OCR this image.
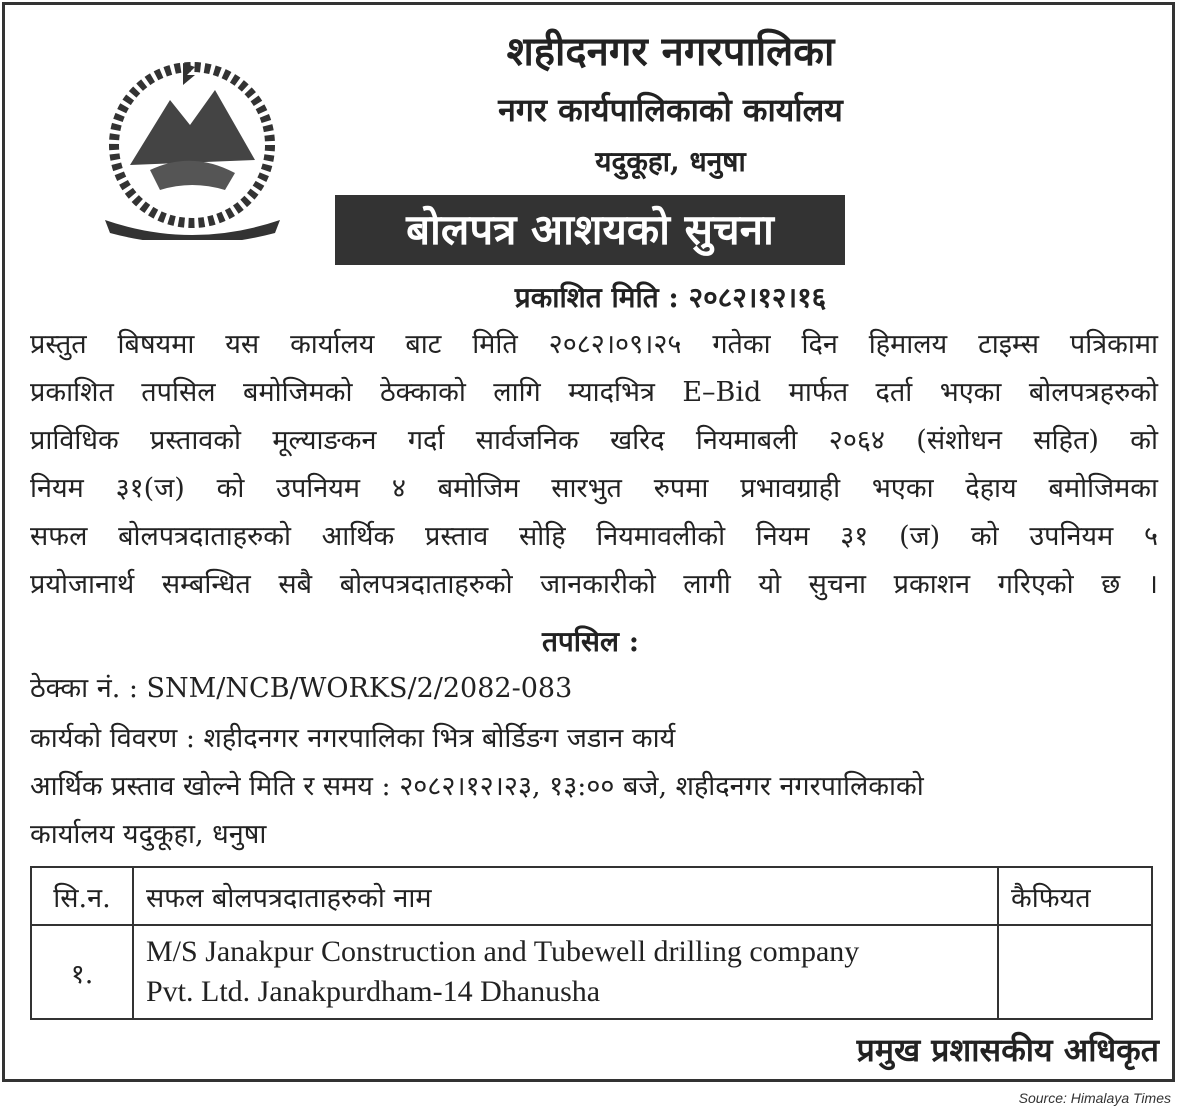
शहीदनगर नगरपालिका
नगर कार्यपालिकाको कार्यालय
यदुकूहा, धनुषा
बोलपत्र आशयको सुचना
प्रकाशित मिति : २०८२।१२।१६
प्रस्तुत बिषयमा यस कार्यालय बाट मिति २०८२।०९।२५ गतेका दिन हिमालय टाइम्स पत्रिकामा
प्रकाशित तपसिल बमोजिमको ठेक्काको लागि म्यादभित्र E–Bid मार्फत दर्ता भएका बोलपत्रहरुको
प्राविधिक प्रस्तावको मूल्याङकन गर्दा सार्वजनिक खरिद नियमाबली २०६४ (संशोधन सहित) को
नियम ३१(ज) को उपनियम ४ बमोजिम सारभुत रुपमा प्रभावग्राही भएका देहाय बमोजिमका
सफल बोलपत्रदाताहरुको आर्थिक प्रस्ताव सोहि नियमावलीको नियम ३१ (ज) को उपनियम ५
प्रयोजानार्थ सम्बन्धित सबै बोलपत्रदाताहरुको जानकारीको लागी यो सुचना प्रकाशन गरिएको छ ।
तपसिल :
ठेक्का नं. : SNM/NCB/WORKS/2/2082-083
कार्यको विवरण : शहीदनगर नगरपालिका भित्र बोर्डिङग जडान कार्य
आर्थिक प्रस्ताव खोल्ने मिति र समय : २०८२।१२।२३, १३:०० बजे, शहीदनगर नगरपालिकाको
कार्यालय यदुकूहा, धनुषा
सि.न.	सफल बोलपत्रदाताहरुको नाम	कैफियत
१.	M/S Janakpur Construction and Tubewell drilling company
Pvt. Ltd. Janakpurdham-14 Dhanusha	

प्रमुख प्रशासकीय अधिकृत
Source: Himalaya Times
